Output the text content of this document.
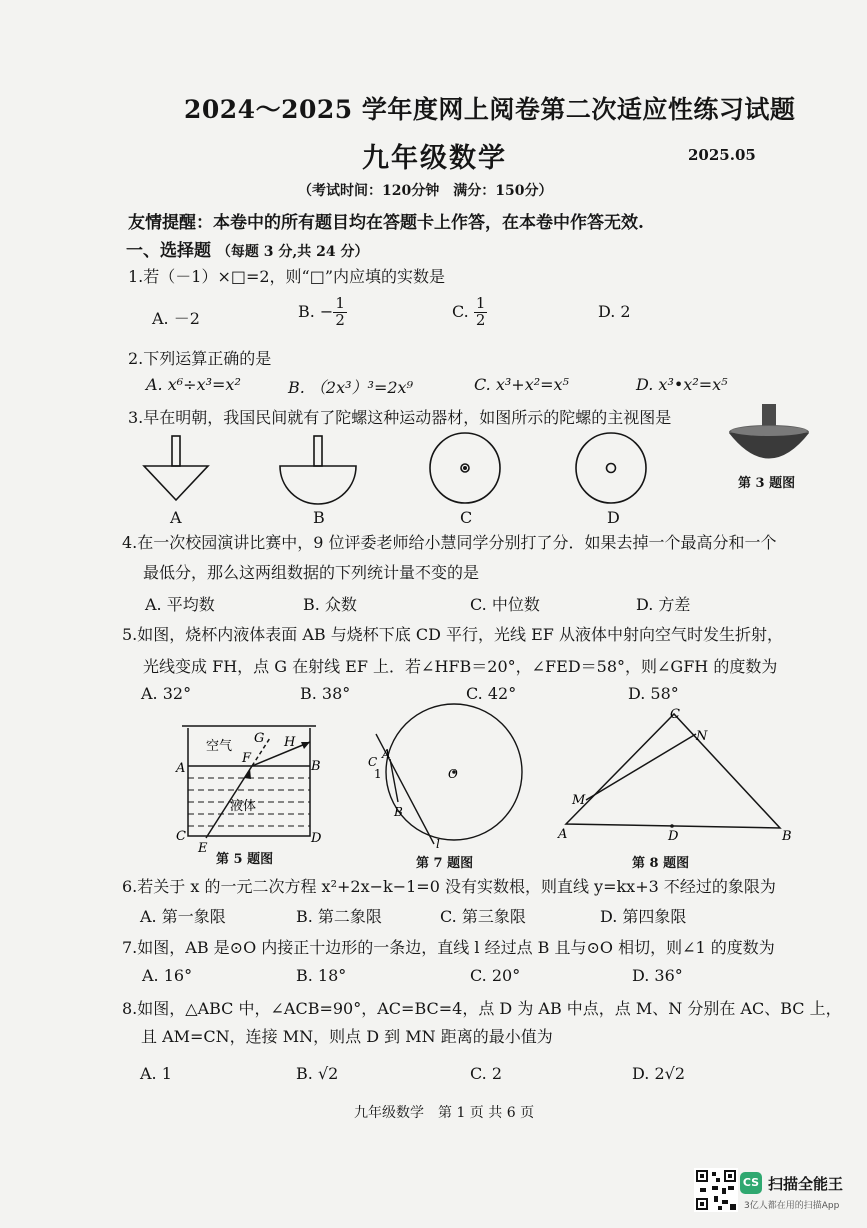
2024～2025 学年度网上阅卷第二次适应性练习试题
九年级数学	2025.05
（考试时间：120分钟　满分：150分）
友情提醒：本卷中的所有题目均在答题卡上作答，在本卷中作答无效.
一、选择题 （每题 3 分,共 24 分）
1.若（－1）×□=2，则“□”内应填的实数是
A. －2	B. − $\frac{1}{2}$	C. $\frac{1}{2}$	D. 2
2.下列运算正确的是
A. x⁶÷x³=x²	B. （2x³）³=2x⁹	C. x³+x²=x⁵	D. x³•x²=x⁵
3.早在明朝，我国民间就有了陀螺这种运动器材，如图所示的陀螺的主视图是
A	B	C	D
第 3 题图
4.在一次校园演讲比赛中，9 位评委老师给小慧同学分别打了分．如果去掉一个最高分和一个
最低分，那么这两组数据的下列统计量不变的是
A. 平均数	B. 众数	C. 中位数	D. 方差
5.如图，烧杯内液体表面 AB 与烧杯下底 CD 平行，光线 EF 从液体中射向空气时发生折射，
光线变成 FH，点 G 在射线 EF 上．若∠HFB＝20°，∠FED＝58°，则∠GFH 的度数为
A. 32°	B. 38°	C. 42°	D. 58°
空气
液体
A	B
C	D
E
F
G H
第 5 题图
A
B
O
C
l
1
第 7 题图
A	B
C
D
M
N
第 8 题图
6.若关于 x 的一元二次方程 x²+2x−k−1=0 没有实数根，则直线 y=kx+3 不经过的象限为
A. 第一象限	B. 第二象限	C. 第三象限	D. 第四象限
7.如图，AB 是⊙O 内接正十边形的一条边，直线 l 经过点 B 且与⊙O 相切，则∠1 的度数为
A. 16°	B. 18°	C. 20°	D. 36°
8.如图，△ABC 中，∠ACB=90°，AC=BC=4，点 D 为 AB 中点，点 M、N 分别在 AC、BC 上，
且 AM=CN，连接 MN，则点 D 到 MN 距离的最小值为
A. 1	B. √2	C. 2	D. 2√2
九年级数学　第 1 页 共 6 页
CS 扫描全能王
3亿人都在用的扫描App
